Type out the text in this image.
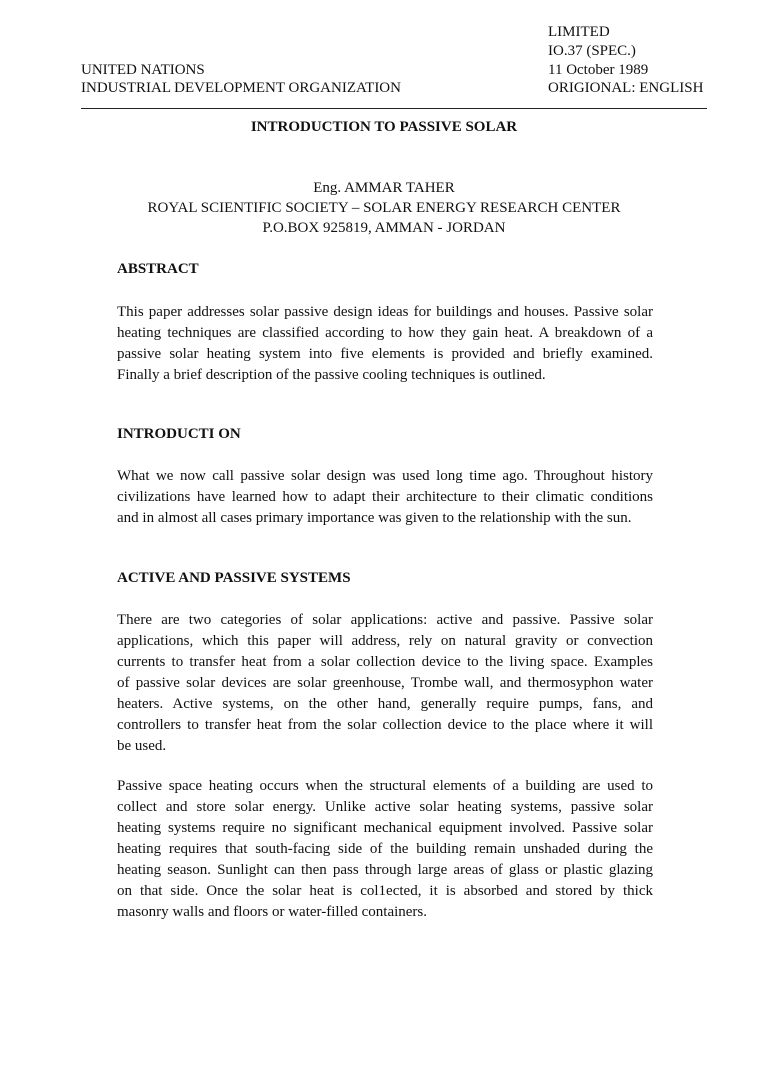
LIMITED
IO.37 (SPEC.)
11 October 1989
ORIGIONAL: ENGLISH
UNITED NATIONS
INDUSTRIAL DEVELOPMENT ORGANIZATION
INTRODUCTION TO PASSIVE SOLAR
Eng. AMMAR TAHER
ROYAL SCIENTIFIC SOCIETY – SOLAR ENERGY RESEARCH CENTER
P.O.BOX 925819, AMMAN - JORDAN
ABSTRACT
This paper addresses solar passive design ideas for buildings and houses. Passive solar
heating techniques are classified according to how they gain heat. A breakdown of a
passive solar heating system into five elements is provided and briefly examined.
Finally a brief description of the passive cooling techniques is outlined.
INTRODUCTI ON
What we now call passive solar design was used long time ago. Throughout history
civilizations have learned how to adapt their architecture to their climatic conditions
and in almost all cases primary importance was given to the relationship with the sun.
ACTIVE AND PASSIVE SYSTEMS
There are two categories of solar applications: active and passive. Passive solar
applications, which this paper will address, rely on natural gravity or convection
currents to transfer heat from a solar collection device to the living space. Examples
of passive solar devices are solar greenhouse, Trombe wall, and thermosyphon water
heaters. Active systems, on the other hand, generally require pumps, fans, and
controllers to transfer heat from the solar collection device to the place where it will
be used.
Passive space heating occurs when the structural elements of a building are used to
collect and store solar energy. Unlike active solar heating systems, passive solar
heating systems require no significant mechanical equipment involved. Passive solar
heating requires that south-facing side of the building remain unshaded during the
heating season. Sunlight can then pass through large areas of glass or plastic glazing
on that side. Once the solar heat is col1ected, it is absorbed and stored by thick
masonry walls and floors or water-filled containers.
